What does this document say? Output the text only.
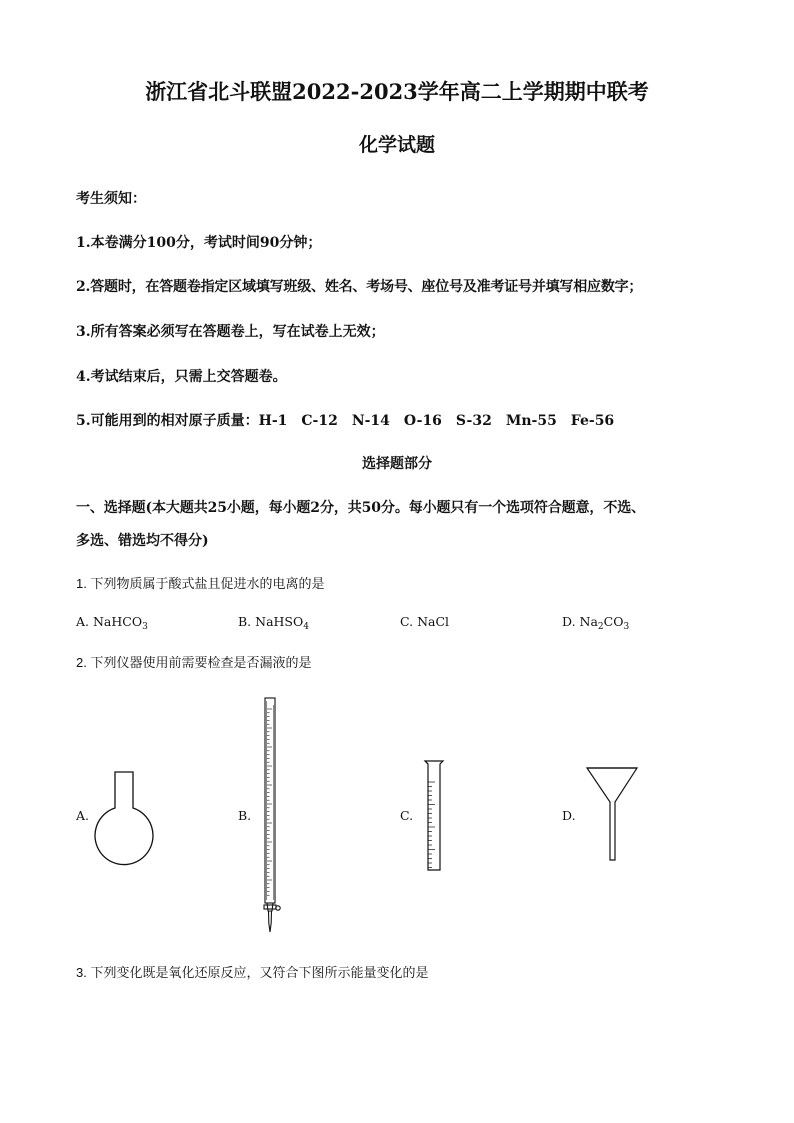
浙江省北斗联盟2022-2023学年高二上学期期中联考
化学试题
考生须知：
1.本卷满分100分，考试时间90分钟；
2.答题时，在答题卷指定区域填写班级、姓名、考场号、座位号及准考证号并填写相应数字；
3.所有答案必须写在答题卷上，写在试卷上无效；
4.考试结束后，只需上交答题卷。
5.可能用到的相对原子质量：H-1　C-12　N-14　O-16　S-32　Mn-55　Fe-56
选择题部分
一、选择题(本大题共25小题，每小题2分，共50分。每小题只有一个选项符合题意，不选、
多选、错选均不得分)
1. 下列物质属于酸式盐且促进水的电离的是
A. NaHCO$_3$	B. NaHSO$_4$	C. NaCl	D. $Na_2CO_3$
2. 下列仪器使用前需要检查是否漏液的是
A.	B.	C.	D.
3. 下列变化既是氧化还原反应，又符合下图所示能量变化的是
